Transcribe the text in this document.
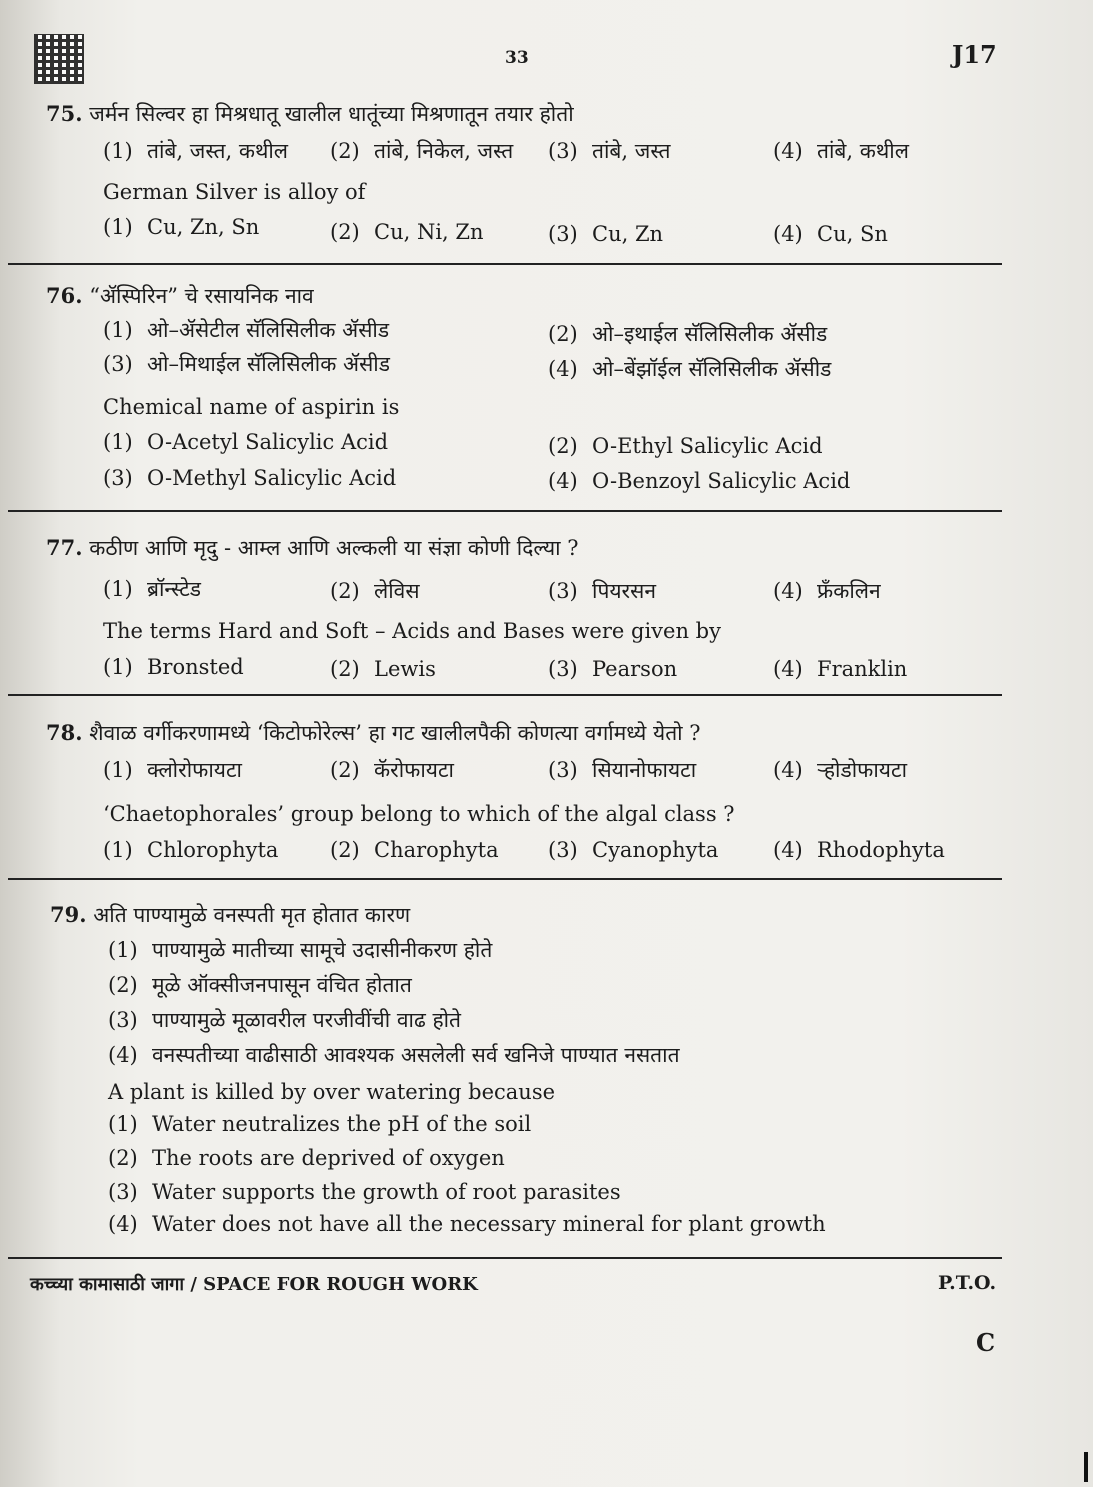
33	J17
75. जर्मन सिल्वर हा मिश्रधातू खालील धातूंच्या मिश्रणातून तयार होतो
(1) तांबे, जस्त, कथील (2) तांबे, निकेल, जस्त (3) तांबे, जस्त	(4) तांबे, कथील
German Silver is alloy of
(1) Cu, Zn, Sn	(2) Cu, Ni, Zn	(3) Cu, Zn	(4) Cu, Sn
76. “ॲस्पिरिन” चे रसायनिक नाव
(1) ओ–ॲसेटील सॅलिसिलीक ॲसीड	(2) ओ–इथाईल सॅलिसिलीक ॲसीड
(3) ओ–मिथाईल सॅलिसिलीक ॲसीड	(4) ओ–बेंझॉईल सॅलिसिलीक ॲसीड
Chemical name of aspirin is
(1) O-Acetyl Salicylic Acid	(2) O-Ethyl Salicylic Acid
(3) O-Methyl Salicylic Acid	(4) O-Benzoyl Salicylic Acid
77. कठीण आणि मृदु - आम्ल आणि अल्कली या संज्ञा कोणी दिल्या ?
(1) ब्रॉन्स्टेड	(2) लेविस	(3) पियरसन	(4) फ्रॅंकलिन
The terms Hard and Soft – Acids and Bases were given by
(1) Bronsted	(2) Lewis	(3) Pearson	(4) Franklin
78. शैवाळ वर्गीकरणामध्ये ‘किटोफोरेल्स’ हा गट खालीलपैकी कोणत्या वर्गामध्ये येतो ?
(1) क्लोरोफायटा	(2) कॅरोफायटा	(3) सियानोफायटा	(4) ऱ्होडोफायटा
‘Chaetophorales’ group belong to which of the algal class ?
(1) Chlorophyta (2) Charophyta (3) Cyanophyta	(4) Rhodophyta
79. अति पाण्यामुळे वनस्पती मृत होतात कारण
(1) पाण्यामुळे मातीच्या सामूचे उदासीनीकरण होते
(2) मूळे ऑक्सीजनपासून वंचित होतात
(3) पाण्यामुळे मूळावरील परजीवींची वाढ होते
(4) वनस्पतीच्या वाढीसाठी आवश्यक असलेली सर्व खनिजे पाण्यात नसतात
A plant is killed by over watering because
(1) Water neutralizes the pH of the soil
(2) The roots are deprived of oxygen
(3) Water supports the growth of root parasites
(4) Water does not have all the necessary mineral for plant growth
कच्च्या कामासाठी जागा / SPACE FOR ROUGH WORK	P.T.O.
C
